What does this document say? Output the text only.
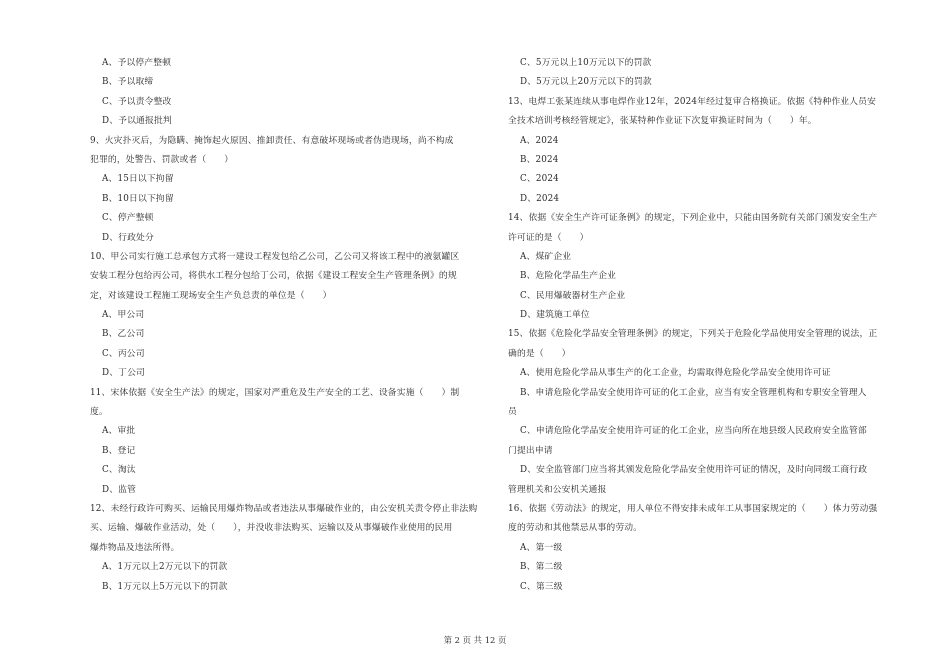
A、予以停产整顿
B、予以取缔
C、予以责令整改
D、予以通报批判
9、火灾扑灭后，为隐瞒、掩饰起火原因、推卸责任、有意破坏现场或者伪造现场，尚不构成
犯罪的，处警告、罚款或者（　　）
A、15日以下拘留
B、10日以下拘留
C、停产整顿
D、行政处分
10、甲公司实行施工总承包方式将一建设工程发包给乙公司，乙公司又将该工程中的液氨罐区
安装工程分包给丙公司，将供水工程分包给丁公司，依据《建设工程安全生产管理条例》的规
定，对该建设工程施工现场安全生产负总责的单位是（　　）
A、甲公司
B、乙公司
C、丙公司
D、丁公司
11、宋体依据《安全生产法》的规定，国家对严重危及生产安全的工艺、设备实施（　　）制
度。
A、审批
B、登记
C、淘汰
D、监管
12、未经行政许可购买、运输民用爆炸物品或者违法从事爆破作业的，由公安机关责令停止非法购
买、运输、爆破作业活动，处（　　），并没收非法购买、运输以及从事爆破作业使用的民用
爆炸物品及违法所得。
A、1万元以上2万元以下的罚款
B、1万元以上5万元以下的罚款
C、5万元以上10万元以下的罚款
D、5万元以上20万元以下的罚款
13、电焊工张某连续从事电焊作业12年，2024年经过复审合格换证。依据《特种作业人员安
全技术培训考核经管规定》，张某特种作业证下次复审换证时间为（　　）年。
A、2024
B、2024
C、2024
D、2024
14、依据《安全生产许可证条例》的规定，下列企业中，只能由国务院有关部门颁发安全生产
许可证的是（　　）
A、煤矿企业
B、危险化学品生产企业
C、民用爆破器材生产企业
D、建筑施工单位
15、依据《危险化学品安全管理条例》的规定，下列关于危险化学品使用安全管理的说法，正
确的是（　　）
A、使用危险化学品从事生产的化工企业，均需取得危险化学品安全使用许可证
B、申请危险化学品安全使用许可证的化工企业，应当有安全管理机构和专职安全管理人
员
C、申请危险化学品安全使用许可证的化工企业，应当向所在地县级人民政府安全监管部
门提出申请
D、安全监管部门应当将其颁发危险化学品安全使用许可证的情况，及时向同级工商行政
管理机关和公安机关通报
16、依据《劳动法》的规定，用人单位不得安排未成年工从事国家规定的（　　）体力劳动强
度的劳动和其他禁忌从事的劳动。
A、第一级
B、第二级
C、第三级
第 2 页 共 12 页
